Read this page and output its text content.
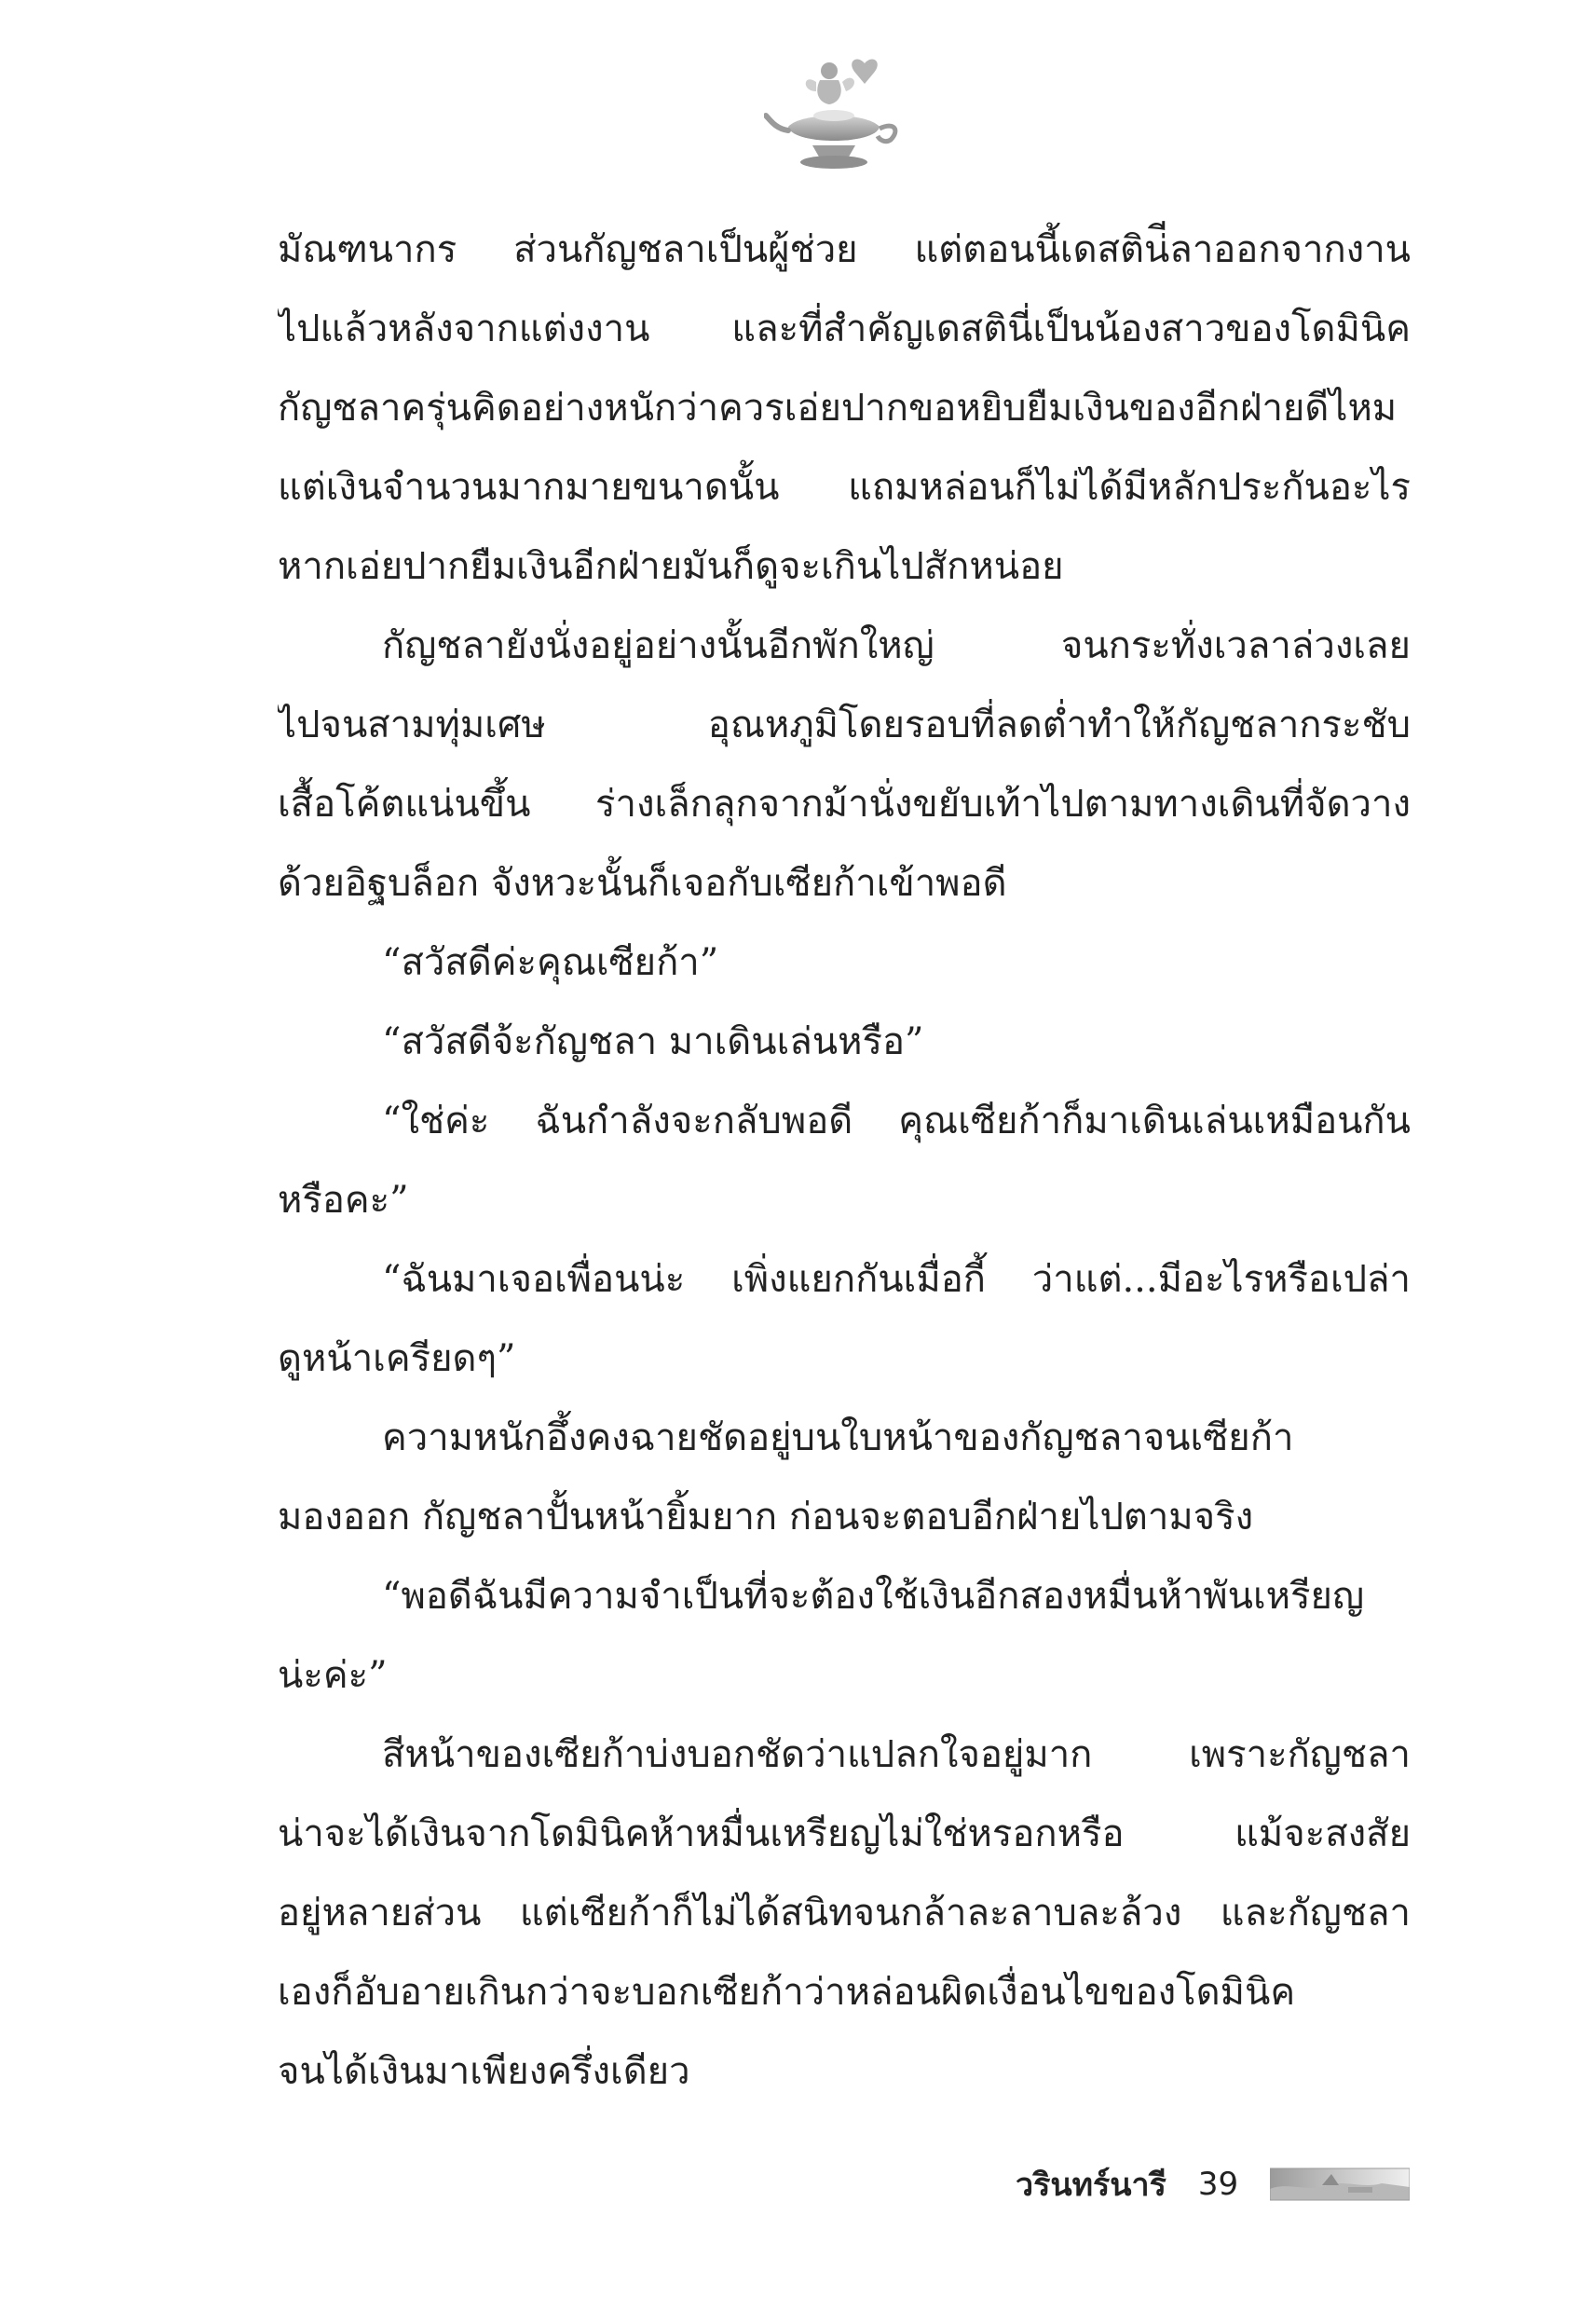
มัณฑนากร ส่วนกัญชลาเป็นผู้ช่วย แต่ตอนนี้เดสติน่ีลาออกจากงาน
ไปแล้วหลังจากแต่งงาน และที่สำคัญเดสตินี่เป็นน้องสาวของโดมินิค
กัญชลาครุ่นคิดอย่างหนักว่าควรเอ่ยปากขอหยิบยืมเงินของอีกฝ่ายดีไหม
แต่เงินจำนวนมากมายขนาดนั้น แถมหล่อนก็ไม่ได้มีหลักประกันอะไร
หากเอ่ยปากยืมเงินอีกฝ่ายมันก็ดูจะเกินไปสักหน่อย
กัญชลายังนั่งอยู่อย่างนั้นอีกพักใหญ่ จนกระทั่งเวลาล่วงเลย
ไปจนสามทุ่มเศษ อุณหภูมิโดยรอบที่ลดต่ำทำให้กัญชลากระชับ
เสื้อโค้ตแน่นขึ้น ร่างเล็กลุกจากม้านั่งขยับเท้าไปตามทางเดินที่จัดวาง
ด้วยอิฐบล็อก จังหวะนั้นก็เจอกับเซียก้าเข้าพอดี
“สวัสดีค่ะคุณเซียก้า”
“สวัสดีจ้ะกัญชลา มาเดินเล่นหรือ”
“ใช่ค่ะ ฉันกำลังจะกลับพอดี คุณเซียก้าก็มาเดินเล่นเหมือนกัน
หรือคะ”
“ฉันมาเจอเพื่อนน่ะ เพิ่งแยกกันเมื่อกี้ ว่าแต่...มีอะไรหรือเปล่า
ดูหน้าเครียดๆ”
ความหนักอึ้งคงฉายชัดอยู่บนใบหน้าของกัญชลาจนเซียก้า
มองออก กัญชลาปั้นหน้ายิ้มยาก ก่อนจะตอบอีกฝ่ายไปตามจริง
“พอดีฉันมีความจำเป็นที่จะต้องใช้เงินอีกสองหมื่นห้าพันเหรียญ
น่ะค่ะ”
สีหน้าของเซียก้าบ่งบอกชัดว่าแปลกใจอยู่มาก เพราะกัญชลา
น่าจะได้เงินจากโดมินิคห้าหมื่นเหรียญไม่ใช่หรอกหรือ แม้จะสงสัย
อยู่หลายส่วน แต่เซียก้าก็ไม่ได้สนิทจนกล้าละลาบละล้วง และกัญชลา
เองก็อับอายเกินกว่าจะบอกเซียก้าว่าหล่อนผิดเงื่อนไขของโดมินิค
จนได้เงินมาเพียงครึ่งเดียว
วรินทร์นารี 39
